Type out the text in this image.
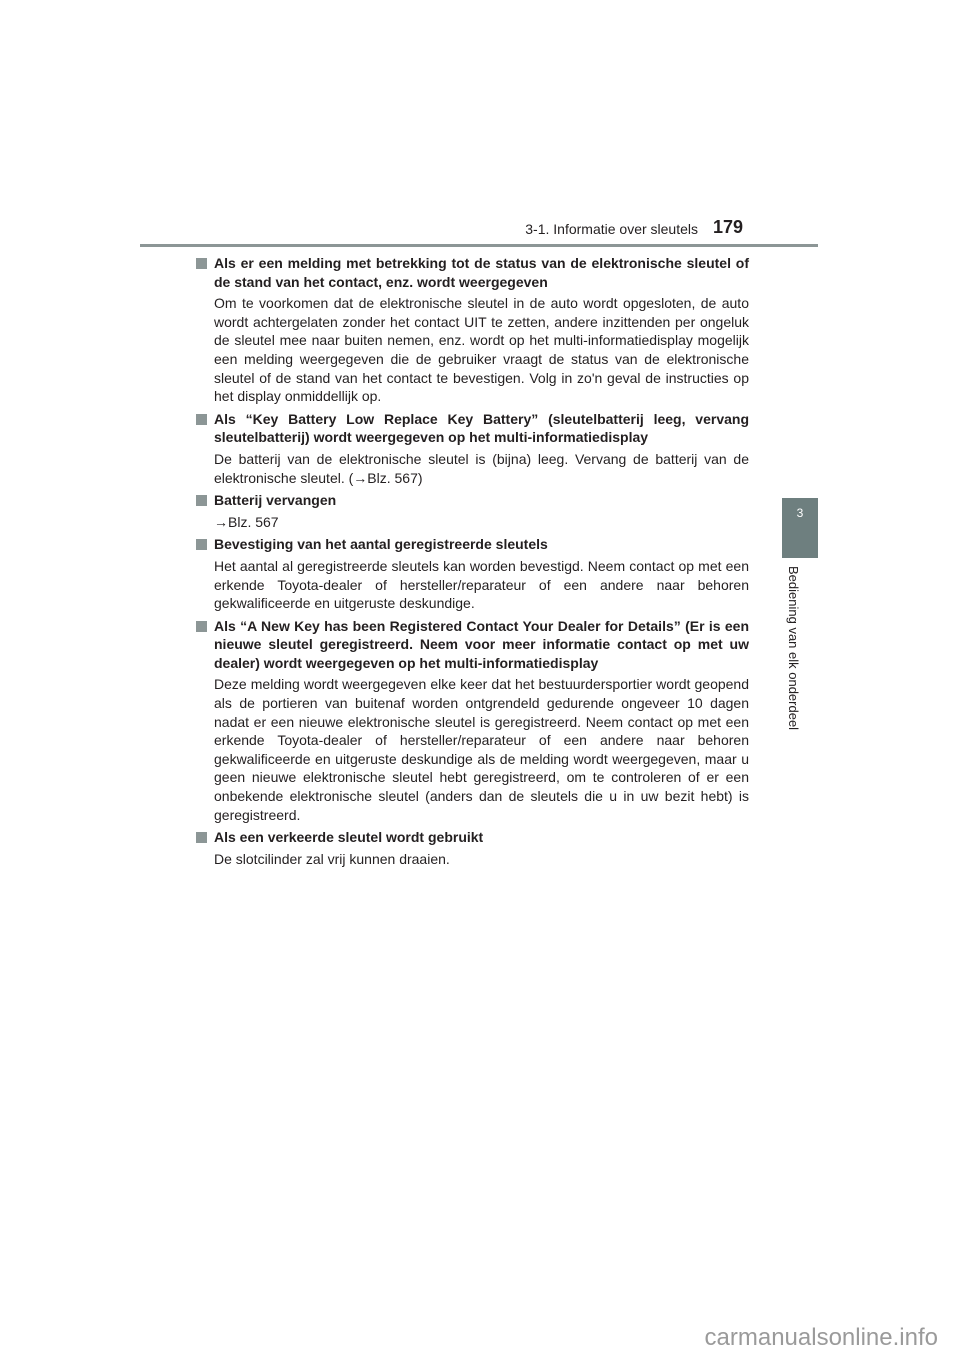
3-1. Informatie over sleutels 179
3
Bediening van elk onderdeel
Als er een melding met betrekking tot de status van de elektronische sleutel of de stand van het contact, enz. wordt weergegeven
Om te voorkomen dat de elektronische sleutel in de auto wordt opgesloten, de auto wordt achtergelaten zonder het contact UIT te zetten, andere inzittenden per ongeluk de sleutel mee naar buiten nemen, enz. wordt op het multi-informatiedisplay mogelijk een melding weergegeven die de gebruiker vraagt de status van de elektronische sleutel of de stand van het contact te bevestigen. Volg in zo'n geval de instructies op het display onmiddellijk op.
Als “Key Battery Low Replace Key Battery” (sleutelbatterij leeg, vervang sleutelbatterij) wordt weergegeven op het multi-informatiedisplay
De batterij van de elektronische sleutel is (bijna) leeg. Vervang de batterij van de elektronische sleutel. (→Blz. 567)
Batterij vervangen
→Blz. 567
Bevestiging van het aantal geregistreerde sleutels
Het aantal al geregistreerde sleutels kan worden bevestigd. Neem contact op met een erkende Toyota-dealer of hersteller/reparateur of een andere naar behoren gekwalificeerde en uitgeruste deskundige.
Als “A New Key has been Registered Contact Your Dealer for Details” (Er is een nieuwe sleutel geregistreerd. Neem voor meer informatie contact op met uw dealer) wordt weergegeven op het multi-informatiedisplay
Deze melding wordt weergegeven elke keer dat het bestuurdersportier wordt geopend als de portieren van buitenaf worden ontgrendeld gedurende ongeveer 10 dagen nadat er een nieuwe elektronische sleutel is geregistreerd. Neem contact op met een erkende Toyota-dealer of hersteller/reparateur of een andere naar behoren gekwalificeerde en uitgeruste deskundige als de melding wordt weergegeven, maar u geen nieuwe elektronische sleutel hebt geregistreerd, om te controleren of er een onbekende elektronische sleutel (anders dan de sleutels die u in uw bezit hebt) is geregistreerd.
Als een verkeerde sleutel wordt gebruikt
De slotcilinder zal vrij kunnen draaien.
carmanualsonline.info
